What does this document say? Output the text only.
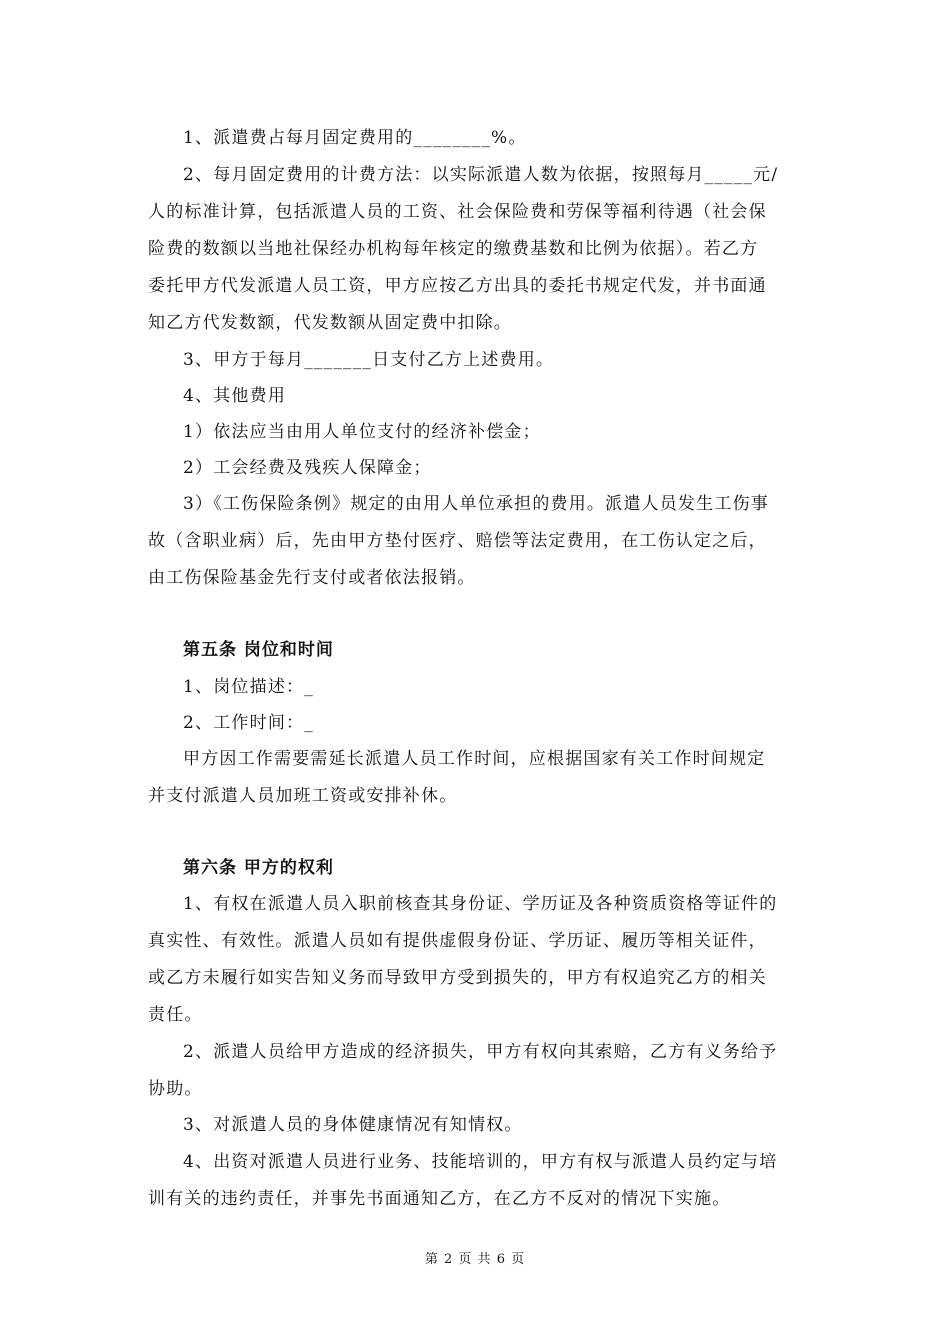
1、派遣费占每月固定费用的________%。
2、每月固定费用的计费方法：以实际派遣人数为依据，按照每月_____元/
人的标准计算，包括派遣人员的工资、社会保险费和劳保等福利待遇（社会保
险费的数额以当地社保经办机构每年核定的缴费基数和比例为依据）。若乙方
委托甲方代发派遣人员工资，甲方应按乙方出具的委托书规定代发，并书面通
知乙方代发数额，代发数额从固定费中扣除。
3、甲方于每月_______日支付乙方上述费用。
4、其他费用
1）依法应当由用人单位支付的经济补偿金；
2）工会经费及残疾人保障金；
3）《工伤保险条例》规定的由用人单位承担的费用。派遣人员发生工伤事
故（含职业病）后，先由甲方垫付医疗、赔偿等法定费用，在工伤认定之后，
由工伤保险基金先行支付或者依法报销。
第五条 岗位和时间
1、岗位描述：_
2、工作时间：_
甲方因工作需要需延长派遣人员工作时间，应根据国家有关工作时间规定
并支付派遣人员加班工资或安排补休。
第六条 甲方的权利
1、有权在派遣人员入职前核查其身份证、学历证及各种资质资格等证件的
真实性、有效性。派遣人员如有提供虚假身份证、学历证、履历等相关证件，
或乙方未履行如实告知义务而导致甲方受到损失的，甲方有权追究乙方的相关
责任。
2、派遣人员给甲方造成的经济损失，甲方有权向其索赔，乙方有义务给予
协助。
3、对派遣人员的身体健康情况有知情权。
4、出资对派遣人员进行业务、技能培训的，甲方有权与派遣人员约定与培
训有关的违约责任，并事先书面通知乙方，在乙方不反对的情况下实施。
第 2 页 共 6 页
